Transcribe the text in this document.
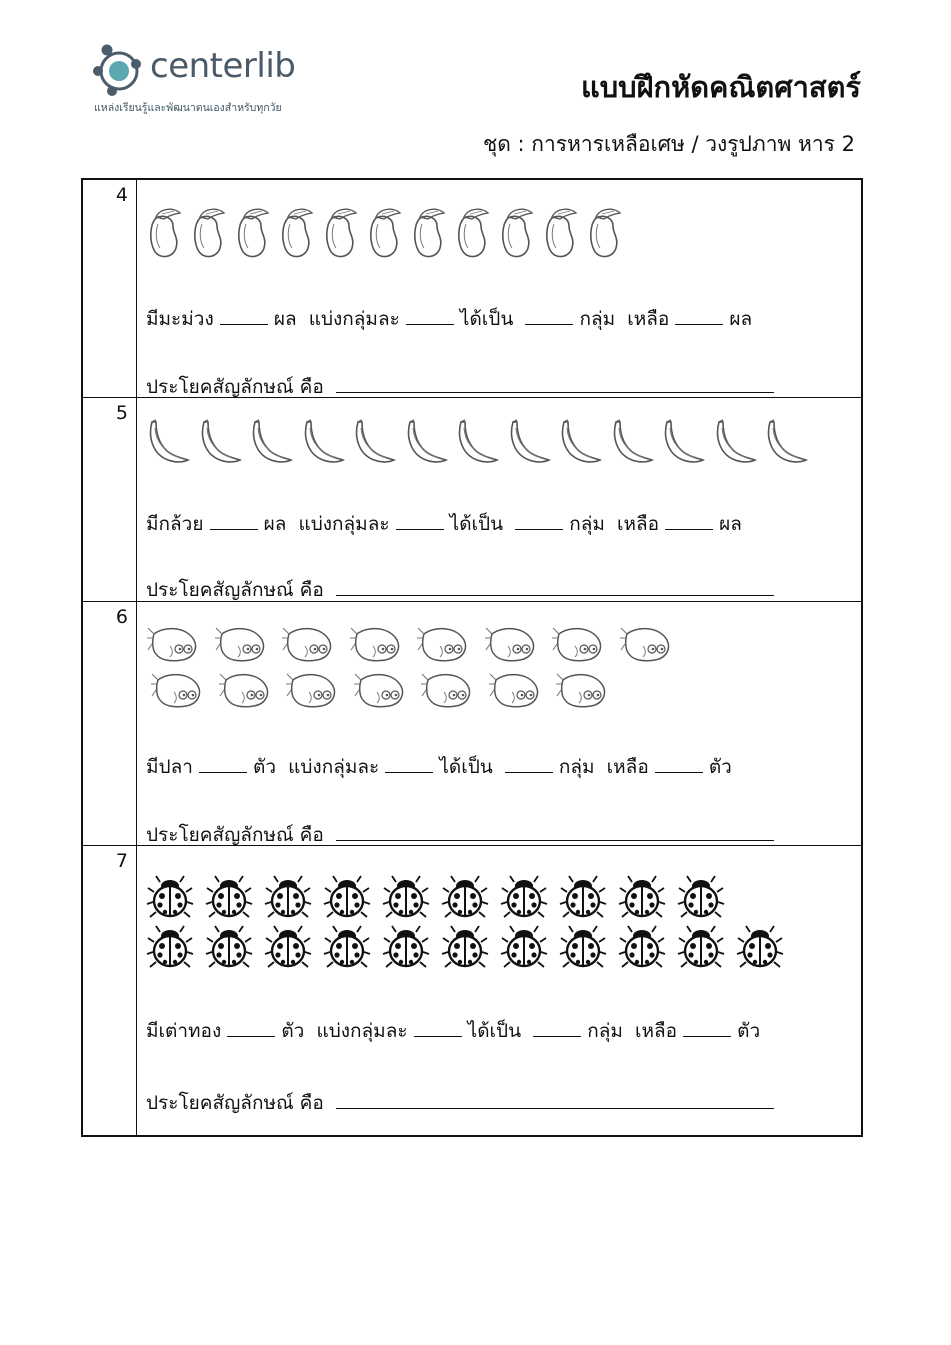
centerlib
แหล่งเรียนรู้และพัฒนาตนเองสำหรับทุกวัย
แบบฝึกหัดคณิตศาสตร์
ชุด : การหารเหลือเศษ / วงรูปภาพ หาร 2
4
มีมะม่วง	ผล แบ่งกลุ่มละ	ได้เป็น	กลุ่ม เหลือ	ผล
ประโยคสัญลักษณ์ คือ
5
มีกล้วย	ผล แบ่งกลุ่มละ	ได้เป็น	กลุ่ม เหลือ	ผล
ประโยคสัญลักษณ์ คือ
6
มีปลา	ตัว แบ่งกลุ่มละ	ได้เป็น	กลุ่ม เหลือ	ตัว
ประโยคสัญลักษณ์ คือ
7
มีเต่าทอง	ตัว แบ่งกลุ่มละ	ได้เป็น	กลุ่ม เหลือ	ตัว
ประโยคสัญลักษณ์ คือ
